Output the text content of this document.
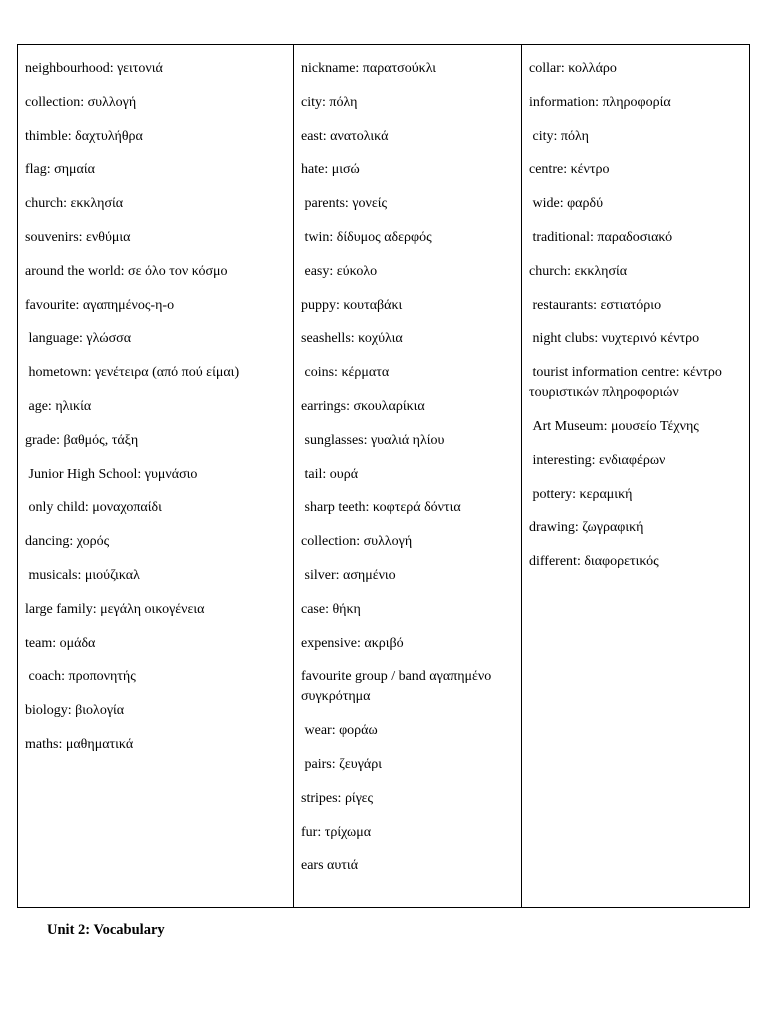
neighbourhood: γειτονιά
collection: συλλογή
thimble: δαχτυλήθρα
flag: σημαία
church: εκκλησία
souvenirs: ενθύμια
around the world: σε όλο τον κόσμο
favourite: αγαπημένος-η-ο
language: γλώσσα
hometown: γενέτειρα (από πού είμαι)
age: ηλικία
grade: βαθμός, τάξη
Junior High School: γυμνάσιο
only child: μοναχοπαίδι
dancing: χορός
musicals: μιούζικαλ
large family: μεγάλη οικογένεια
team: ομάδα
coach: προπονητής
biology: βιολογία
maths: μαθηματικά
nickname: παρατσούκλι
city: πόλη
east: ανατολικά
hate: μισώ
parents: γονείς
twin: δίδυμος αδερφός
easy: εύκολο
puppy: κουταβάκι
seashells: κοχύλια
coins: κέρματα
earrings: σκουλαρίκια
sunglasses: γυαλιά ηλίου
tail: ουρά
sharp teeth: κοφτερά δόντια
collection: συλλογή
silver: ασημένιο
case: θήκη
expensive: ακριβό
favourite group / band αγαπημένο συγκρότημα
wear: φοράω
pairs: ζευγάρι
stripes: ρίγες
fur: τρίχωμα
ears αυτιά
collar: κολλάρο
information: πληροφορία
city: πόλη
centre: κέντρο
wide: φαρδύ
traditional: παραδοσιακό
church: εκκλησία
restaurants: εστιατόριο
night clubs: νυχτερινό κέντρο
tourist information centre: κέντρο τουριστικών πληροφοριών
Art Museum: μουσείο Τέχνης
interesting: ενδιαφέρων
pottery: κεραμική
drawing: ζωγραφική
different: διαφορετικός
Unit 2: Vocabulary
